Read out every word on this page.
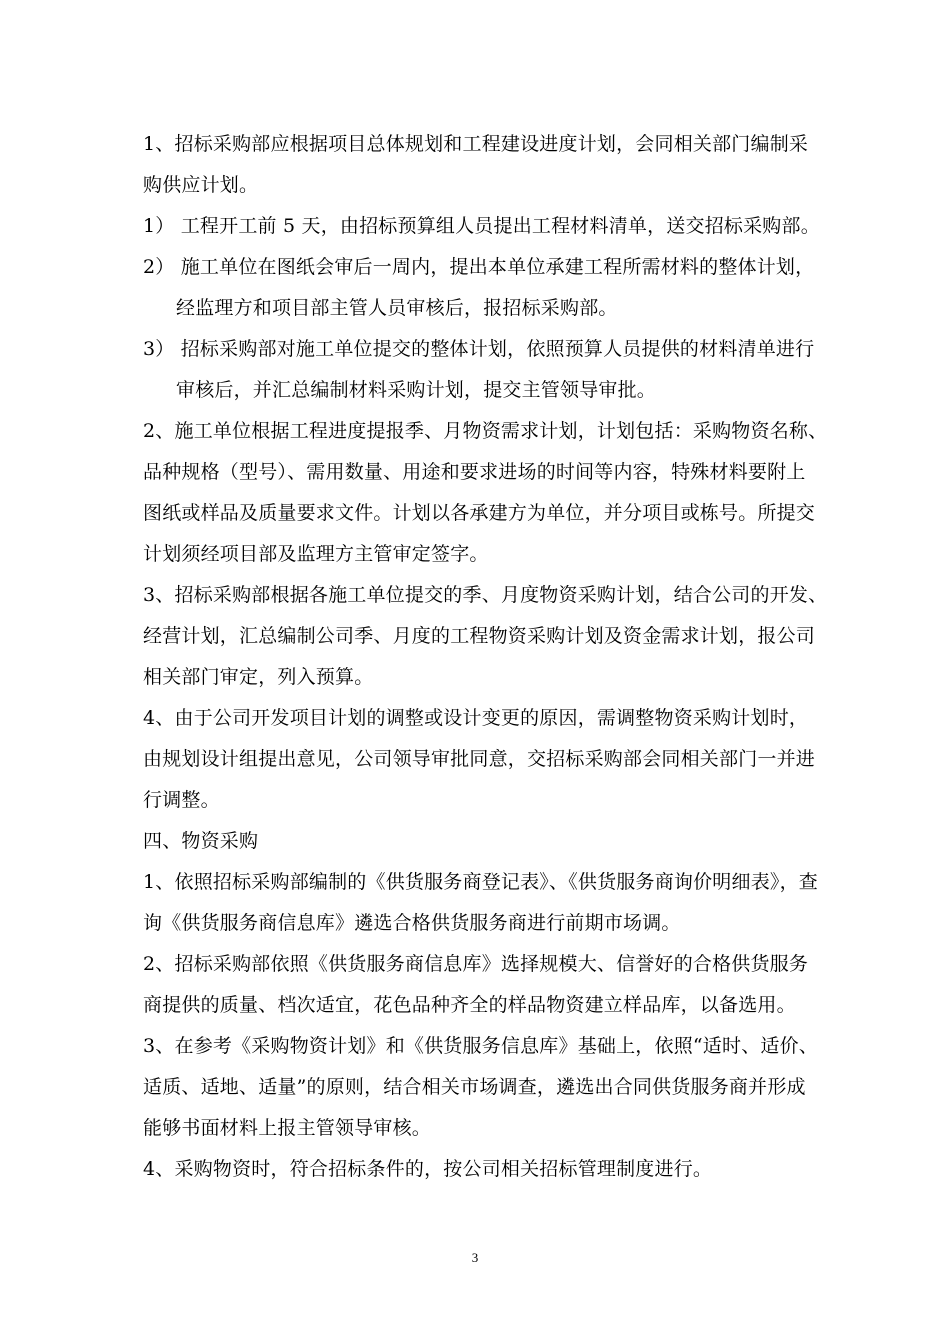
1、招标采购部应根据项目总体规划和工程建设进度计划，会同相关部门编制采
购供应计划。
1） 工程开工前 5 天，由招标预算组人员提出工程材料清单，送交招标采购部。
2） 施工单位在图纸会审后一周内，提出本单位承建工程所需材料的整体计划，
经监理方和项目部主管人员审核后，报招标采购部。
3） 招标采购部对施工单位提交的整体计划，依照预算人员提供的材料清单进行
审核后，并汇总编制材料采购计划，提交主管领导审批。
2、施工单位根据工程进度提报季、月物资需求计划，计划包括：采购物资名称、
品种规格（型号）、需用数量、用途和要求进场的时间等内容，特殊材料要附上
图纸或样品及质量要求文件。计划以各承建方为单位，并分项目或栋号。所提交
计划须经项目部及监理方主管审定签字。
3、招标采购部根据各施工单位提交的季、月度物资采购计划，结合公司的开发、
经营计划，汇总编制公司季、月度的工程物资采购计划及资金需求计划，报公司
相关部门审定，列入预算。
4、由于公司开发项目计划的调整或设计变更的原因，需调整物资采购计划时，
由规划设计组提出意见，公司领导审批同意，交招标采购部会同相关部门一并进
行调整。
四、物资采购
1、依照招标采购部编制的《供货服务商登记表》、《供货服务商询价明细表》，查
询《供货服务商信息库》遴选合格供货服务商进行前期市场调。
2、招标采购部依照《供货服务商信息库》选择规模大、信誉好的合格供货服务
商提供的质量、档次适宜，花色品种齐全的样品物资建立样品库，以备选用。
3、在参考《采购物资计划》和《供货服务信息库》基础上，依照“适时、适价、
适质、适地、适量”的原则，结合相关市场调查，遴选出合同供货服务商并形成
能够书面材料上报主管领导审核。
4、采购物资时，符合招标条件的，按公司相关招标管理制度进行。
3
